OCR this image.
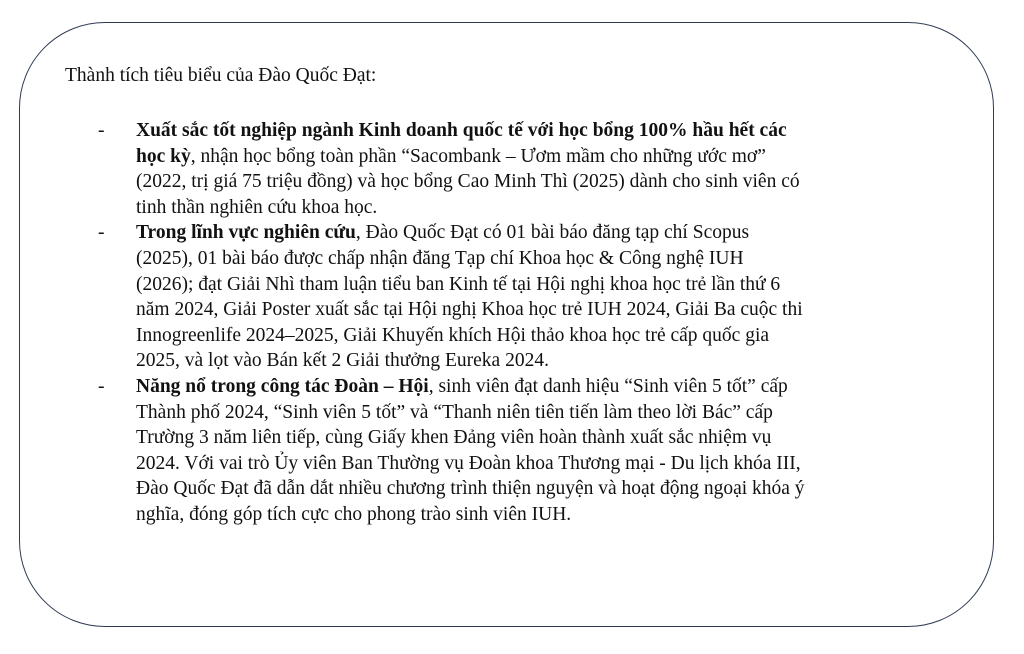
Thành tích tiêu biểu của Đào Quốc Đạt:

- Xuất sắc tốt nghiệp ngành Kinh doanh quốc tế với học bổng 100% hầu hết các
học kỳ, nhận học bổng toàn phần “Sacombank – Ươm mầm cho những ước mơ”
(2022, trị giá 75 triệu đồng) và học bổng Cao Minh Thì (2025) dành cho sinh viên có
tinh thần nghiên cứu khoa học.
- Trong lĩnh vực nghiên cứu, Đào Quốc Đạt có 01 bài báo đăng tạp chí Scopus
(2025), 01 bài báo được chấp nhận đăng Tạp chí Khoa học & Công nghệ IUH
(2026); đạt Giải Nhì tham luận tiểu ban Kinh tế tại Hội nghị khoa học trẻ lần thứ 6
năm 2024, Giải Poster xuất sắc tại Hội nghị Khoa học trẻ IUH 2024, Giải Ba cuộc thi
Innogreenlife 2024–2025, Giải Khuyến khích Hội thảo khoa học trẻ cấp quốc gia
2025, và lọt vào Bán kết 2 Giải thưởng Eureka 2024.
- Năng nổ trong công tác Đoàn – Hội, sinh viên đạt danh hiệu “Sinh viên 5 tốt” cấp
Thành phố 2024, “Sinh viên 5 tốt” và “Thanh niên tiên tiến làm theo lời Bác” cấp
Trường 3 năm liên tiếp, cùng Giấy khen Đảng viên hoàn thành xuất sắc nhiệm vụ
2024. Với vai trò Ủy viên Ban Thường vụ Đoàn khoa Thương mại - Du lịch khóa III,
Đào Quốc Đạt đã dẫn dắt nhiều chương trình thiện nguyện và hoạt động ngoại khóa ý
nghĩa, đóng góp tích cực cho phong trào sinh viên IUH.
